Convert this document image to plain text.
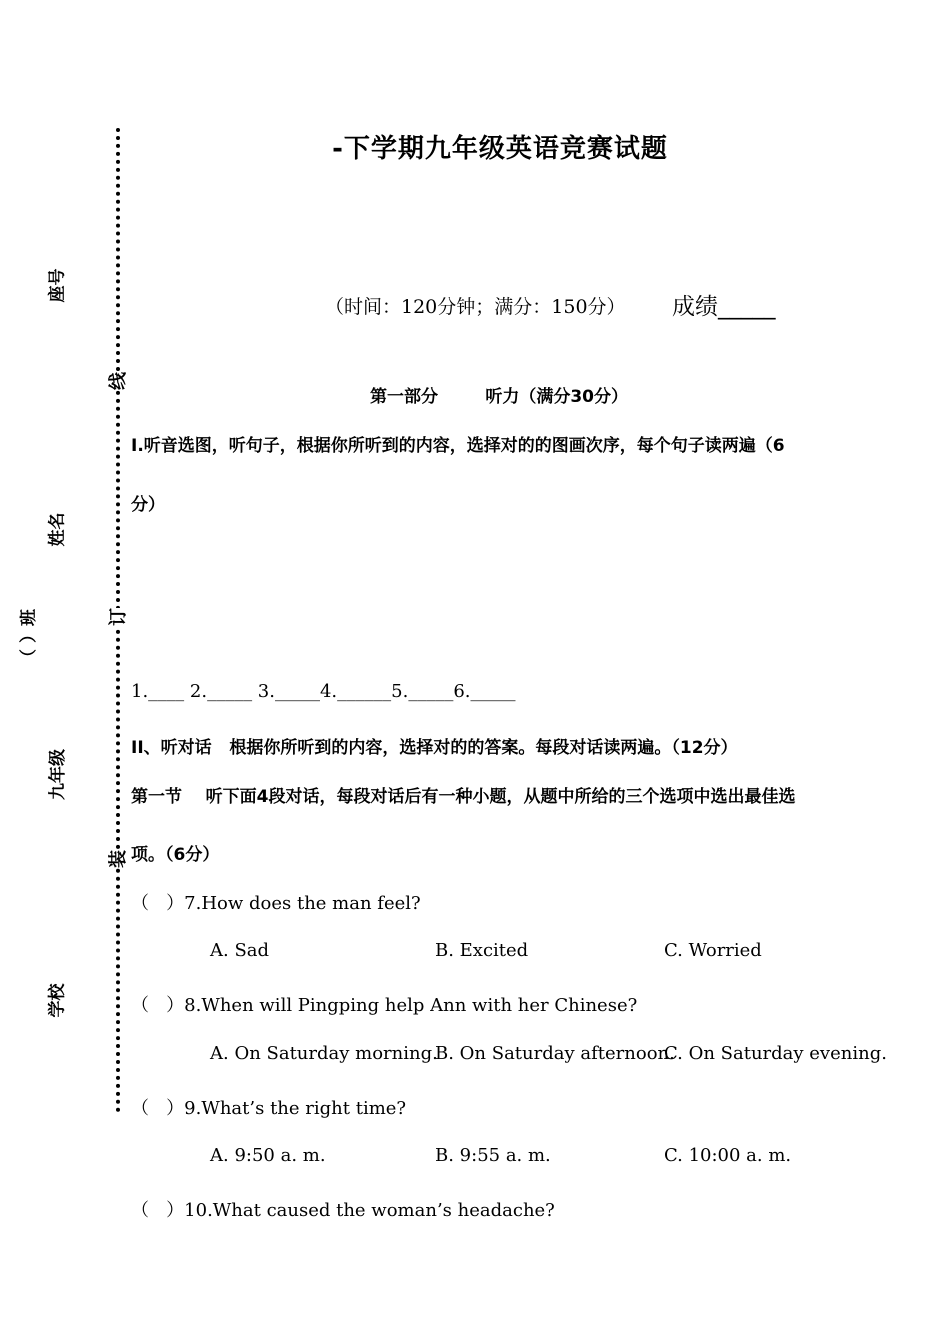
座号
姓名
（ ）班
九年级
学校
线
订
装
-下学期九年级英语竞赛试题
（时间：120分钟；满分：150分） 成绩_____
第一部分        听力（满分30分）
Ⅰ.听音选图，听句子，根据你所听到的内容，选择对的的图画次序，每个句子读两遍（6
分）
1.____ 2._____ 3._____4.______5._____6._____
II、听对话   根据你所听到的内容，选择对的的答案。每段对话读两遍。（12分）
第一节    听下面4段对话，每段对话后有一种小题，从题中所给的三个选项中选出最佳选
项。（6分）
（   ）7.How does the man feel?
A. Sad	B. Excited	C. Worried
（   ）8.When will Pingping help Ann with her Chinese?
A. On Saturday morning.
B. On Saturday afternoon.
C. On Saturday evening.
（   ）9.What’s the right time?
A. 9:50 a. m.	B. 9:55 a. m.	C. 10:00 a. m.
（   ）10.What caused the woman’s headache?
